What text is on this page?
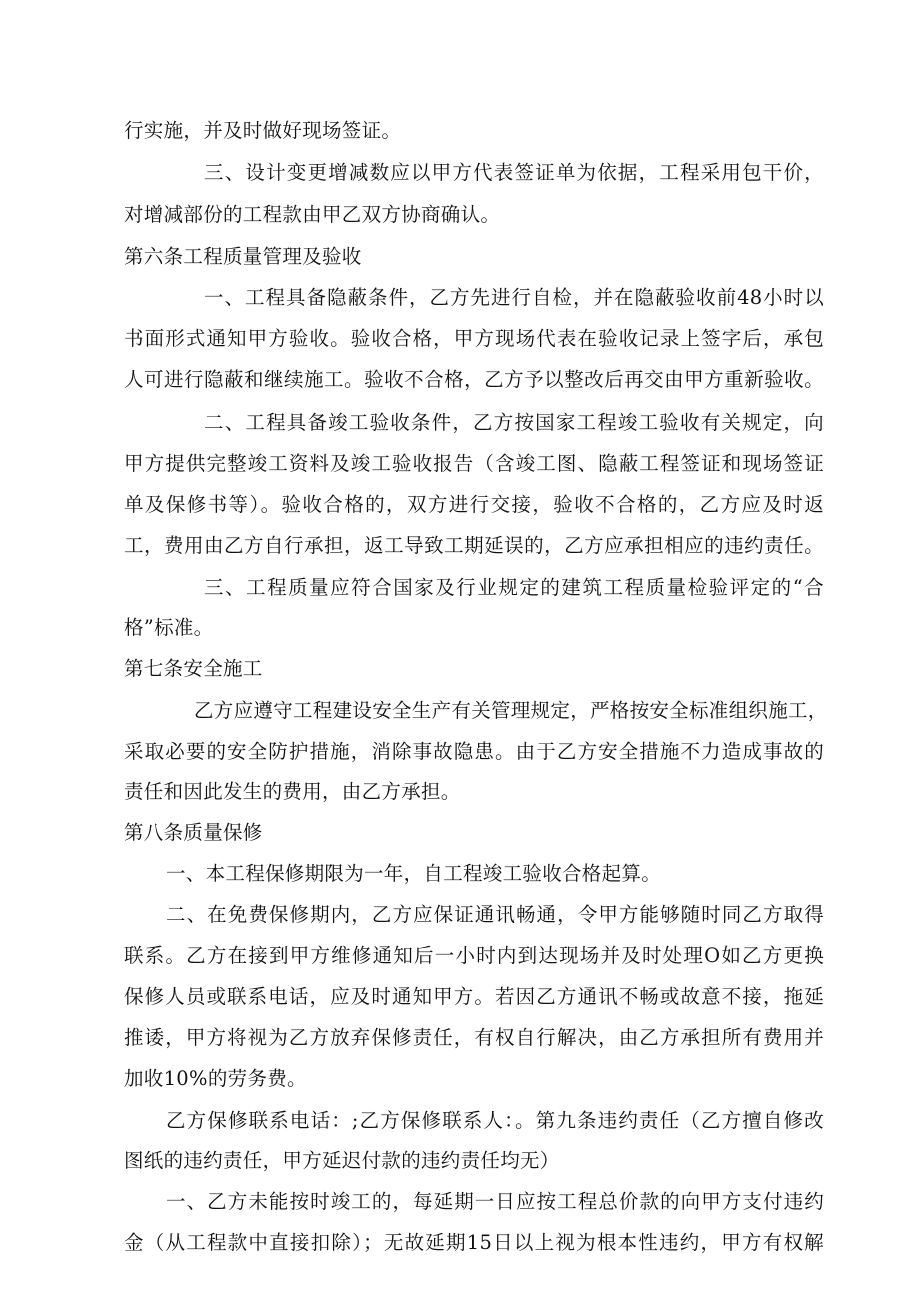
行实施，并及时做好现场签证。
三、设计变更增减数应以甲方代表签证单为依据，工程采用包干价，
对增减部份的工程款由甲乙双方协商确认。
第六条工程质量管理及验收
一、工程具备隐蔽条件，乙方先进行自检，并在隐蔽验收前48小时以
书面形式通知甲方验收。验收合格，甲方现场代表在验收记录上签字后，承包
人可进行隐蔽和继续施工。验收不合格，乙方予以整改后再交由甲方重新验收。
二、工程具备竣工验收条件，乙方按国家工程竣工验收有关规定，向
甲方提供完整竣工资料及竣工验收报告（含竣工图、隐蔽工程签证和现场签证
单及保修书等）。验收合格的，双方进行交接，验收不合格的，乙方应及时返
工，费用由乙方自行承担，返工导致工期延误的，乙方应承担相应的违约责任。
三、工程质量应符合国家及行业规定的建筑工程质量检验评定的“合
格”标准。
第七条安全施工
乙方应遵守工程建设安全生产有关管理规定，严格按安全标准组织施工，
采取必要的安全防护措施，消除事故隐患。由于乙方安全措施不力造成事故的
责任和因此发生的费用，由乙方承担。
第八条质量保修
一、本工程保修期限为一年，自工程竣工验收合格起算。
二、在免费保修期内，乙方应保证通讯畅通，令甲方能够随时同乙方取得
联系。乙方在接到甲方维修通知后一小时内到达现场并及时处理O如乙方更换
保修人员或联系电话，应及时通知甲方。若因乙方通讯不畅或故意不接，拖延
推诿，甲方将视为乙方放弃保修责任，有权自行解决，由乙方承担所有费用并
加收10%的劳务费。
乙方保修联系电话：;乙方保修联系人：。第九条违约责任（乙方擅自修改
图纸的违约责任，甲方延迟付款的违约责任均无）
一、乙方未能按时竣工的，每延期一日应按工程总价款的向甲方支付违约
金（从工程款中直接扣除）；无故延期15日以上视为根本性违约，甲方有权解
